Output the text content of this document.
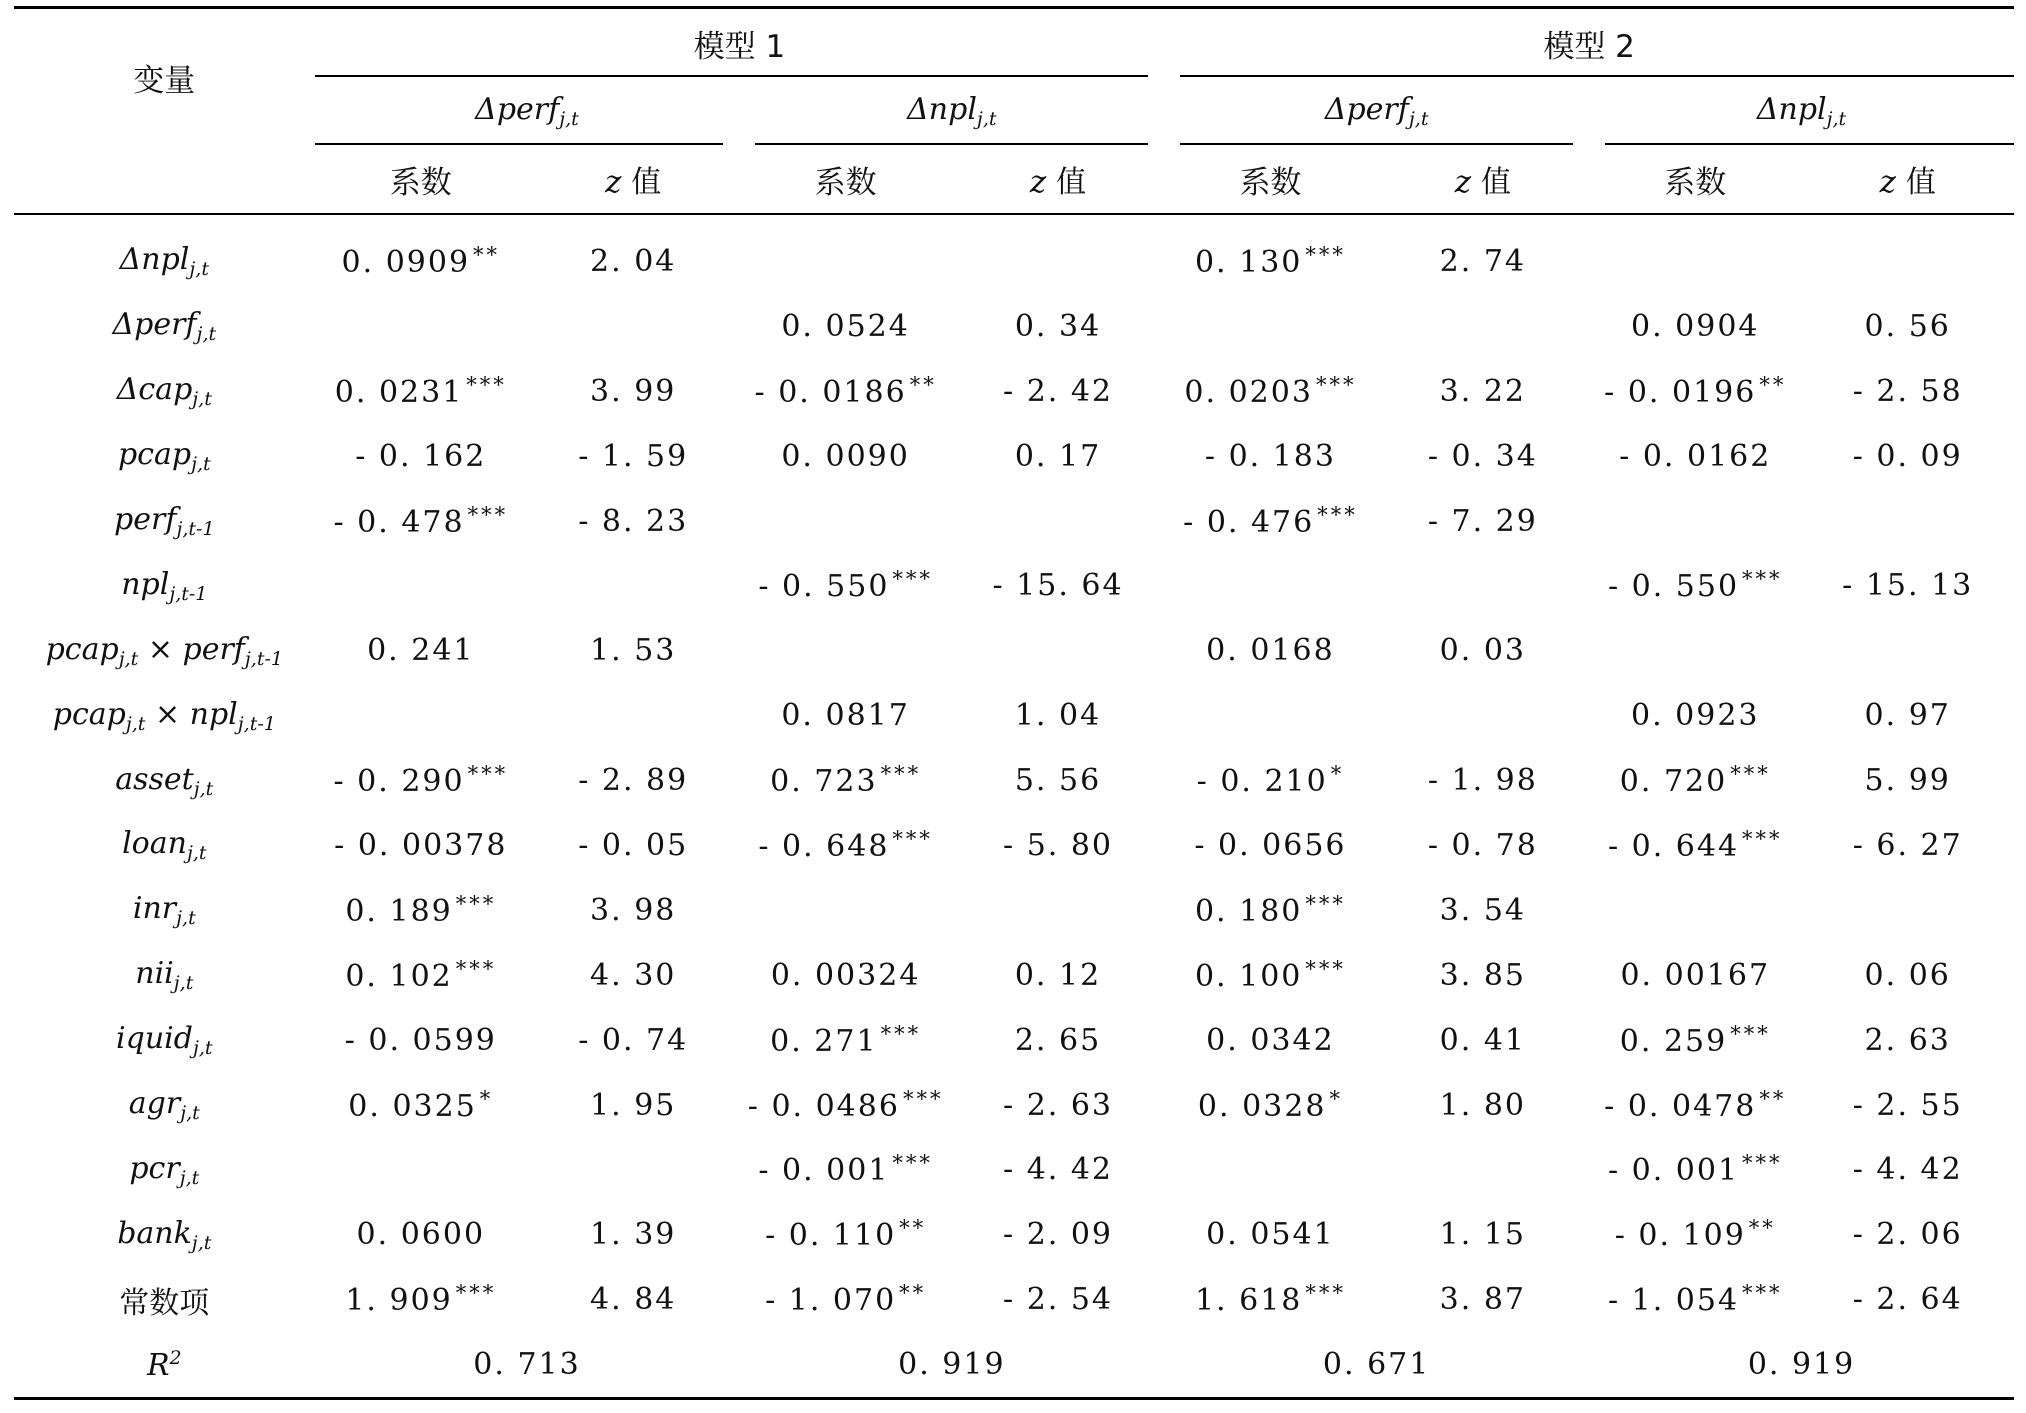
变量	模型 1				模型 2			
	Δperf$_{j,t}$		Δnpl$_{j,t}$		Δperf$_{j,t}$		Δnpl$_{j,t}$
	系数	z 值	系数	z 值	系数	z 值	系数	z 值
Δnpl$_{j,t}$	0. 0909 **	2. 04			0. 130 ***	2. 74		
Δperf$_{j,t}$			0. 0524	0. 34			0. 0904	0. 56
Δcap$_{j,t}$	0. 0231 ***	3. 99	- 0. 0186 **	- 2. 42	0. 0203 ***	3. 22	- 0. 0196 **	- 2. 58
pcap$_{j,t}$	- 0. 162	- 1. 59	0. 0090	0. 17	- 0. 183	- 0. 34	- 0. 0162	- 0. 09
perf$_{j,t-1}$	- 0. 478 ***	- 8. 23			- 0. 476 ***	- 7. 29		
npl$_{j,t-1}$			- 0. 550 ***	- 15. 64			- 0. 550 ***	- 15. 13
pcap$_{j,t}$ × perf$_{j,t-1}$	0. 241	1. 53			0. 0168	0. 03		
pcap$_{j,t}$ × npl$_{j,t-1}$			0. 0817	1. 04			0. 0923	0. 97
asset$_{j,t}$	- 0. 290 ***	- 2. 89	0. 723 ***	5. 56	- 0. 210 *	- 1. 98	0. 720 ***	5. 99
loan$_{j,t}$	- 0. 00378	- 0. 05	- 0. 648 ***	- 5. 80	- 0. 0656	- 0. 78	- 0. 644 ***	- 6. 27
inr$_{j,t}$	0. 189 ***	3. 98			0. 180 ***	3. 54		
nii$_{j,t}$	0. 102 ***	4. 30	0. 00324	0. 12	0. 100 ***	3. 85	0. 00167	0. 06
iquid$_{j,t}$	- 0. 0599	- 0. 74	0. 271 ***	2. 65	0. 0342	0. 41	0. 259 ***	2. 63
agr$_{j,t}$	0. 0325 *	1. 95	- 0. 0486 ***	- 2. 63	0. 0328 *	1. 80	- 0. 0478 **	- 2. 55
pcr$_{j,t}$			- 0. 001 ***	- 4. 42			- 0. 001 ***	- 4. 42
bank$_{j,t}$	0. 0600	1. 39	- 0. 110 **	- 2. 09	0. 0541	1. 15	- 0. 109 **	- 2. 06
常数项	1. 909 ***	4. 84	- 1. 070 **	- 2. 54	1. 618 ***	3. 87	- 1. 054 ***	- 2. 64
$R^2$	0. 713		0. 919		0. 671		0. 919	
